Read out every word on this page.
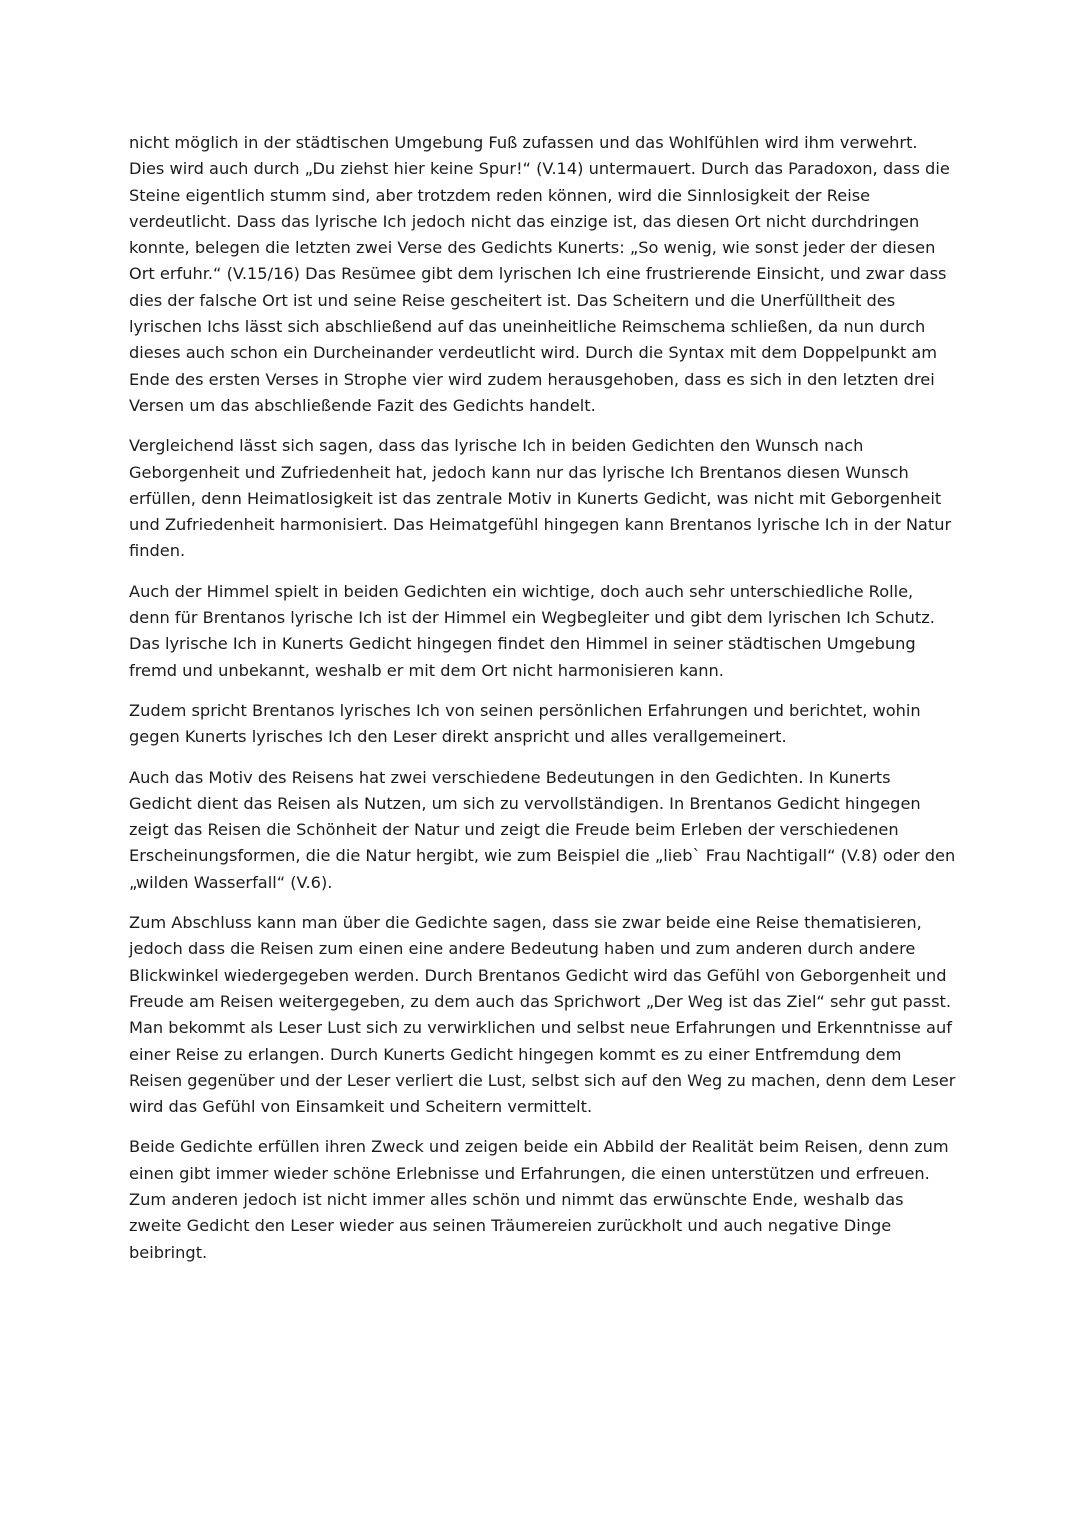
nicht möglich in der städtischen Umgebung Fuß zufassen und das Wohlfühlen wird ihm verwehrt.
Dies wird auch durch „Du ziehst hier keine Spur!“ (V.14) untermauert. Durch das Paradoxon, dass die
Steine eigentlich stumm sind, aber trotzdem reden können, wird die Sinnlosigkeit der Reise
verdeutlicht. Dass das lyrische Ich jedoch nicht das einzige ist, das diesen Ort nicht durchdringen
konnte, belegen die letzten zwei Verse des Gedichts Kunerts: „So wenig, wie sonst jeder der diesen
Ort erfuhr.“ (V.15/16) Das Resümee gibt dem lyrischen Ich eine frustrierende Einsicht, und zwar dass
dies der falsche Ort ist und seine Reise gescheitert ist. Das Scheitern und die Unerfülltheit des
lyrischen Ichs lässt sich abschließend auf das uneinheitliche Reimschema schließen, da nun durch
dieses auch schon ein Durcheinander verdeutlicht wird. Durch die Syntax mit dem Doppelpunkt am
Ende des ersten Verses in Strophe vier wird zudem herausgehoben, dass es sich in den letzten drei
Versen um das abschließende Fazit des Gedichts handelt.

Vergleichend lässt sich sagen, dass das lyrische Ich in beiden Gedichten den Wunsch nach
Geborgenheit und Zufriedenheit hat, jedoch kann nur das lyrische Ich Brentanos diesen Wunsch
erfüllen, denn Heimatlosigkeit ist das zentrale Motiv in Kunerts Gedicht, was nicht mit Geborgenheit
und Zufriedenheit harmonisiert. Das Heimatgefühl hingegen kann Brentanos lyrische Ich in der Natur
finden.

Auch der Himmel spielt in beiden Gedichten ein wichtige, doch auch sehr unterschiedliche Rolle,
denn für Brentanos lyrische Ich ist der Himmel ein Wegbegleiter und gibt dem lyrischen Ich Schutz.
Das lyrische Ich in Kunerts Gedicht hingegen findet den Himmel in seiner städtischen Umgebung
fremd und unbekannt, weshalb er mit dem Ort nicht harmonisieren kann.

Zudem spricht Brentanos lyrisches Ich von seinen persönlichen Erfahrungen und berichtet, wohin
gegen Kunerts lyrisches Ich den Leser direkt anspricht und alles verallgemeinert.

Auch das Motiv des Reisens hat zwei verschiedene Bedeutungen in den Gedichten. In Kunerts
Gedicht dient das Reisen als Nutzen, um sich zu vervollständigen. In Brentanos Gedicht hingegen
zeigt das Reisen die Schönheit der Natur und zeigt die Freude beim Erleben der verschiedenen
Erscheinungsformen, die die Natur hergibt, wie zum Beispiel die „lieb` Frau Nachtigall“ (V.8) oder den
„wilden Wasserfall“ (V.6).

Zum Abschluss kann man über die Gedichte sagen, dass sie zwar beide eine Reise thematisieren,
jedoch dass die Reisen zum einen eine andere Bedeutung haben und zum anderen durch andere
Blickwinkel wiedergegeben werden. Durch Brentanos Gedicht wird das Gefühl von Geborgenheit und
Freude am Reisen weitergegeben, zu dem auch das Sprichwort „Der Weg ist das Ziel“ sehr gut passt.
Man bekommt als Leser Lust sich zu verwirklichen und selbst neue Erfahrungen und Erkenntnisse auf
einer Reise zu erlangen. Durch Kunerts Gedicht hingegen kommt es zu einer Entfremdung dem
Reisen gegenüber und der Leser verliert die Lust, selbst sich auf den Weg zu machen, denn dem Leser
wird das Gefühl von Einsamkeit und Scheitern vermittelt.

Beide Gedichte erfüllen ihren Zweck und zeigen beide ein Abbild der Realität beim Reisen, denn zum
einen gibt immer wieder schöne Erlebnisse und Erfahrungen, die einen unterstützen und erfreuen.
Zum anderen jedoch ist nicht immer alles schön und nimmt das erwünschte Ende, weshalb das
zweite Gedicht den Leser wieder aus seinen Träumereien zurückholt und auch negative Dinge
beibringt.
